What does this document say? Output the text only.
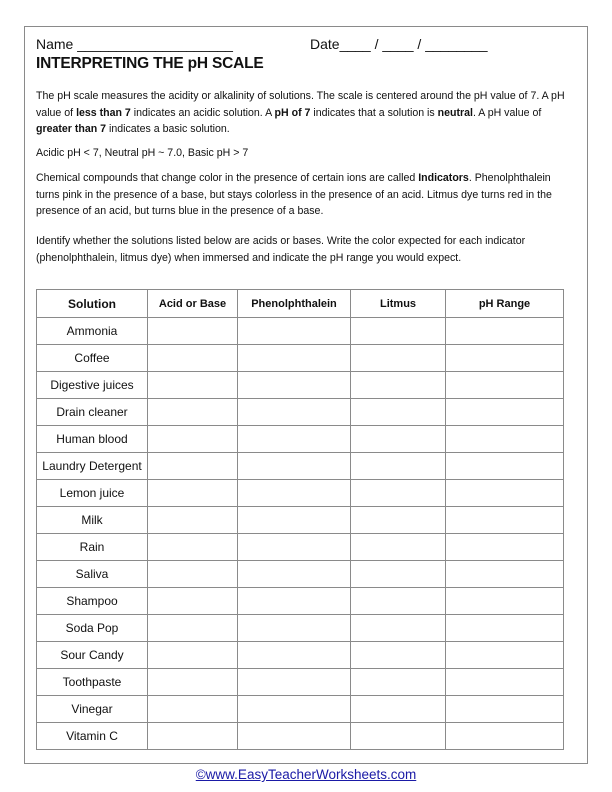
Name ____________________	Date____ / ____ / ________
INTERPRETING THE pH SCALE
The pH scale measures the acidity or alkalinity of solutions. The scale is centered around the pH value of 7. A pH value of less than 7 indicates an acidic solution. A pH of 7 indicates that a solution is neutral. A pH value of greater than 7 indicates a basic solution.
Acidic pH < 7, Neutral pH ~ 7.0, Basic pH > 7
Chemical compounds that change color in the presence of certain ions are called Indicators. Phenolphthalein turns pink in the presence of a base, but stays colorless in the presence of an acid. Litmus dye turns red in the presence of an acid, but turns blue in the presence of a base.
Identify whether the solutions listed below are acids or bases. Write the color expected for each indicator (phenolphthalein, litmus dye) when immersed and indicate the pH range you would expect.
Solution	Acid or Base	Phenolphthalein	Litmus	pH Range
Ammonia				
Coffee				
Digestive juices				
Drain cleaner				
Human blood				
Laundry Detergent				
Lemon juice				
Milk				
Rain				
Saliva				
Shampoo				
Soda Pop				
Sour Candy				
Toothpaste				
Vinegar				
Vitamin C				
©www.EasyTeacherWorksheets.com
